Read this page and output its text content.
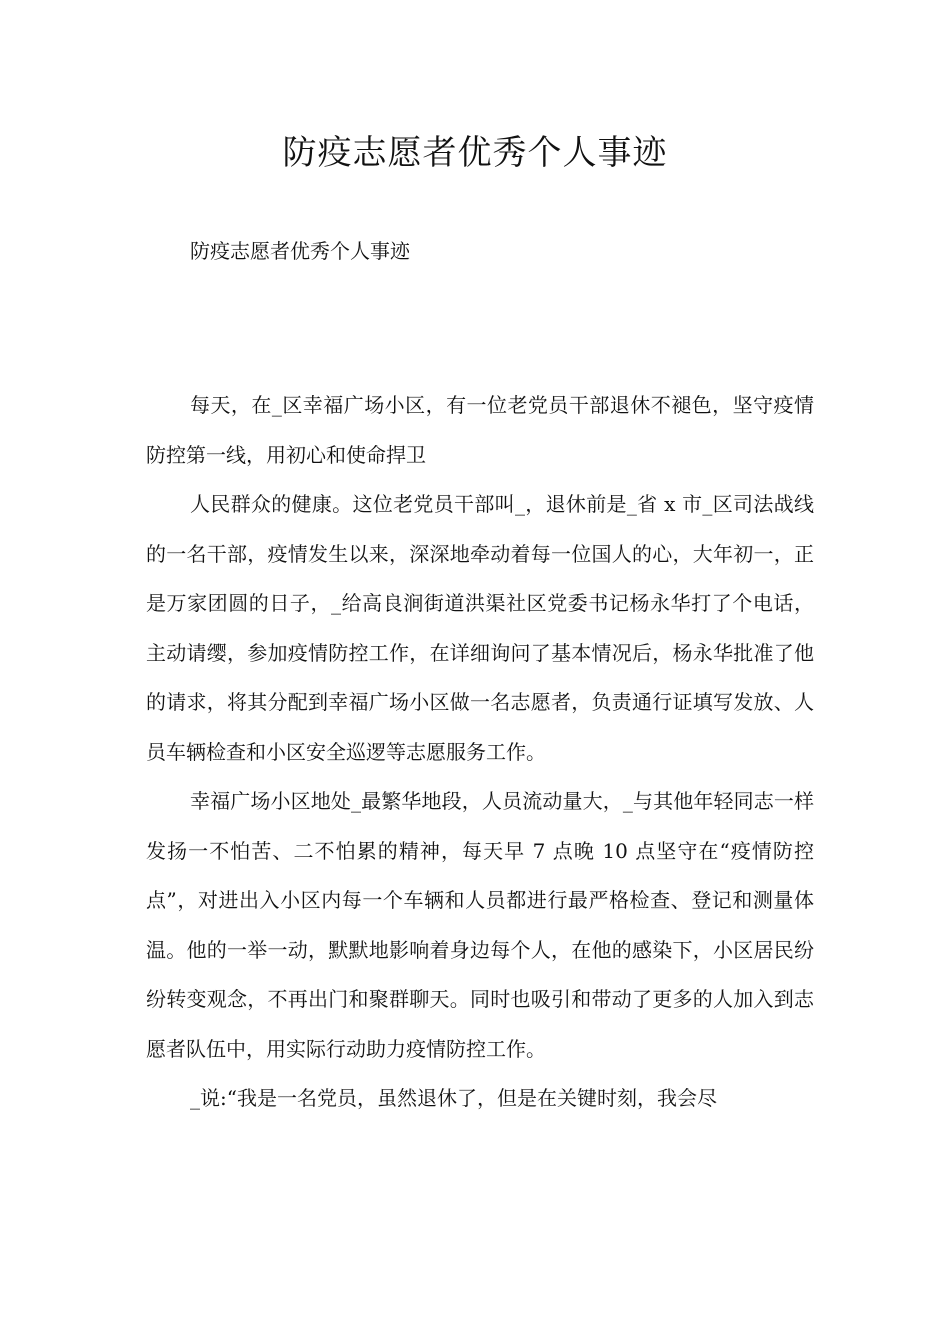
防疫志愿者优秀个人事迹
防疫志愿者优秀个人事迹

每天，在_区幸福广场小区，有一位老党员干部退休不褪色，坚守疫情防控第一线，用初心和使命捍卫

人民群众的健康。这位老党员干部叫_，退休前是_省 x 市_区司法战线的一名干部，疫情发生以来，深深地牵动着每一位国人的心，大年初一，正是万家团圆的日子，_给高良涧街道洪渠社区党委书记杨永华打了个电话，主动请缨，参加疫情防控工作，在详细询问了基本情况后，杨永华批准了他的请求，将其分配到幸福广场小区做一名志愿者，负责通行证填写发放、人员车辆检查和小区安全巡逻等志愿服务工作。

幸福广场小区地处_最繁华地段，人员流动量大，_与其他年轻同志一样发扬一不怕苦、二不怕累的精神，每天早 7 点晚 10 点坚守在“疫情防控点”，对进出入小区内每一个车辆和人员都进行最严格检查、登记和测量体温。他的一举一动，默默地影响着身边每个人，在他的感染下，小区居民纷纷转变观念，不再出门和聚群聊天。同时也吸引和带动了更多的人加入到志愿者队伍中，用实际行动助力疫情防控工作。

_说:“我是一名党员，虽然退休了，但是在关键时刻，我会尽
